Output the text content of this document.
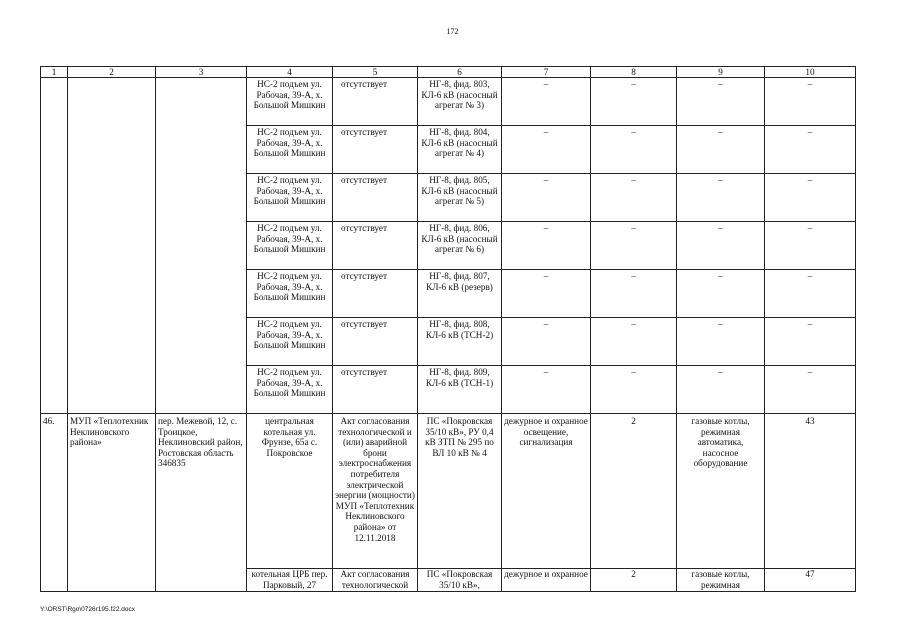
172
1	2	3	4	5	6	7	8	9	10
			НС-2 подъем ул. Рабочая, 39-А, х. Большой Мишкин	отсутствует	НГ-8, фид. 803, КЛ-6 кВ (насосный агрегат № 3)	–	–	–	–
			НС-2 подъем ул. Рабочая, 39-А, х. Большой Мишкин	отсутствует	НГ-8, фид. 804, КЛ-6 кВ (насосный агрегат № 4)	–	–	–	–
			НС-2 подъем ул. Рабочая, 39-А, х. Большой Мишкин	отсутствует	НГ-8, фид. 805, КЛ-6 кВ (насосный агрегат № 5)	–	–	–	–
			НС-2 подъем ул. Рабочая, 39-А, х. Большой Мишкин	отсутствует	НГ-8, фид. 806, КЛ-6 кВ (насосный агрегат № 6)	–	–	–	–
			НС-2 подъем ул. Рабочая, 39-А, х. Большой Мишкин	отсутствует	НГ-8, фид. 807, КЛ-6 кВ (резерв)	–	–	–	–
			НС-2 подъем ул. Рабочая, 39-А, х. Большой Мишкин	отсутствует	НГ-8, фид. 808, КЛ-6 кВ (ТСН-2)	–	–	–	–
			НС-2 подъем ул. Рабочая, 39-А, х. Большой Мишкин	отсутствует	НГ-8, фид. 809, КЛ-6 кВ (ТСН-1)	–	–	–	–
46.	МУП «Теплотехник Неклиновского района»	пер. Межевой, 12, с. Троицкое, Неклиновский район, Ростовская область 346835	центральная котельная ул. Фрунзе, 65а с. Покровское	Акт согласования технологической и (или) аварийной брони электроснабжения потребителя электрической энергии (мощности) МУП «Теплотехник Неклиновского района» от 12.11.2018	ПС «Покровская 35/10 кВ», РУ 0,4 кВ ЗТП № 295 по ВЛ 10 кВ № 4	дежурное и охранное освещение, сигнализация	2	газовые котлы, режимная автоматика, насосное оборудование	43
			котельная ЦРБ пер. Парковый, 27	Акт согласования технологической	ПС «Покровская 35/10 кВ»,	дежурное и охранное	2	газовые котлы, режимная	47
Y:\ORST\Rgo\0726r195.f22.docx
